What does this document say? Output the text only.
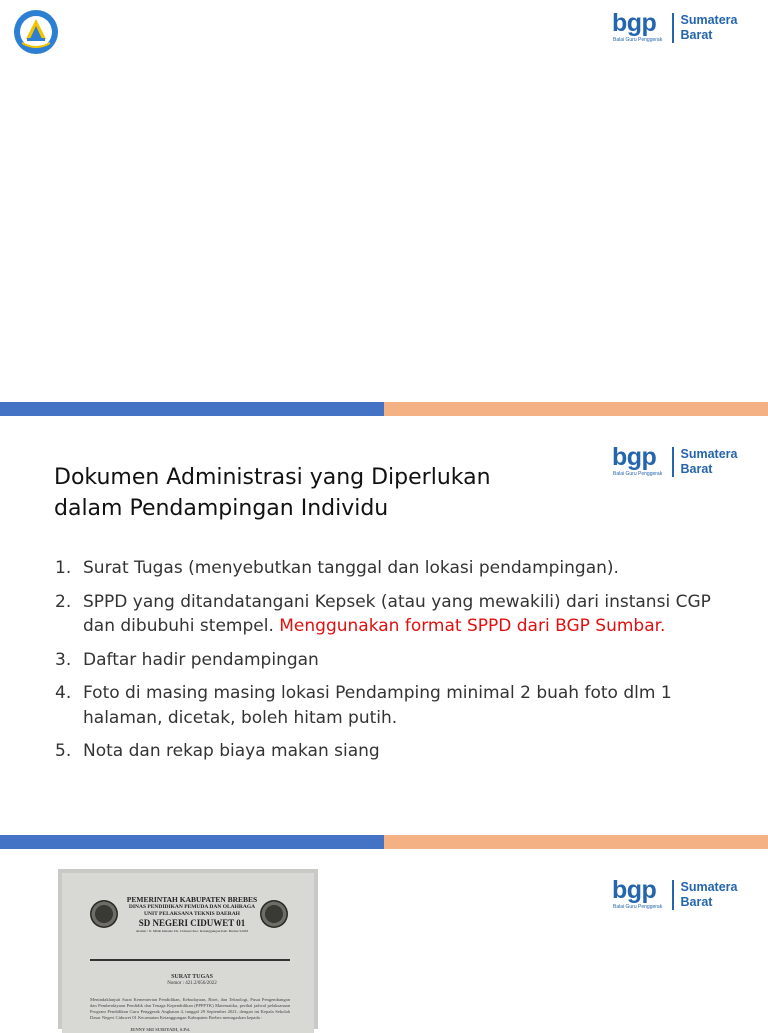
bgp
Balai Guru Penggerak
Sumatera
Barat
bgp
Balai Guru Penggerak
Sumatera
Barat
Dokumen Administrasi yang Diperlukan
dalam Pendampingan Individu
1. Surat Tugas (menyebutkan tanggal dan lokasi pendampingan).
2. SPPD yang ditandatangani Kepsek (atau yang mewakili) dari instansi CGP dan dibubuhi stempel. Menggunakan format SPPD dari BGP Sumbar.
3. Daftar hadir pendampingan
4. Foto di masing masing lokasi Pendamping minimal 2 buah foto dlm 1 halaman, dicetak, boleh hitam putih.
5. Nota dan rekap biaya makan siang
bgp
Balai Guru Penggerak
Sumatera
Barat
PEMERINTAH KABUPATEN BREBES
DINAS PENDIDIKAN PEMUDA DAN OLAHRAGA
UNIT PELAKSANA TEKNIS DAERAH
SD NEGERI CIDUWET 01
Alamat : Jl. Mbah Ismanto Ds. Ciduwet Kec. Ketanggungan Kab. Brebes 52263
SURAT TUGAS
Nomor : 421.2/056/2022
Menindaklanjuti Surat Kementerian Pendidikan, Kebudayaan, Riset, dan Teknologi, Pusat Pengembangan dan Pemberdayaan Pendidik dan Tenaga Kependidikan (PPPPTK) Matematika, perihal jadwal pelaksanaan Program Pendidikan Guru Penggerak Angkatan 4, tanggal 29 September 2021, dengan ini Kepala Sekolah Dasar Negeri Ciduwet 01 Kecamatan Ketanggungan Kabupaten Brebes menugaskan kepada :
JENNY SRI SURIYADI, S.Pd.
